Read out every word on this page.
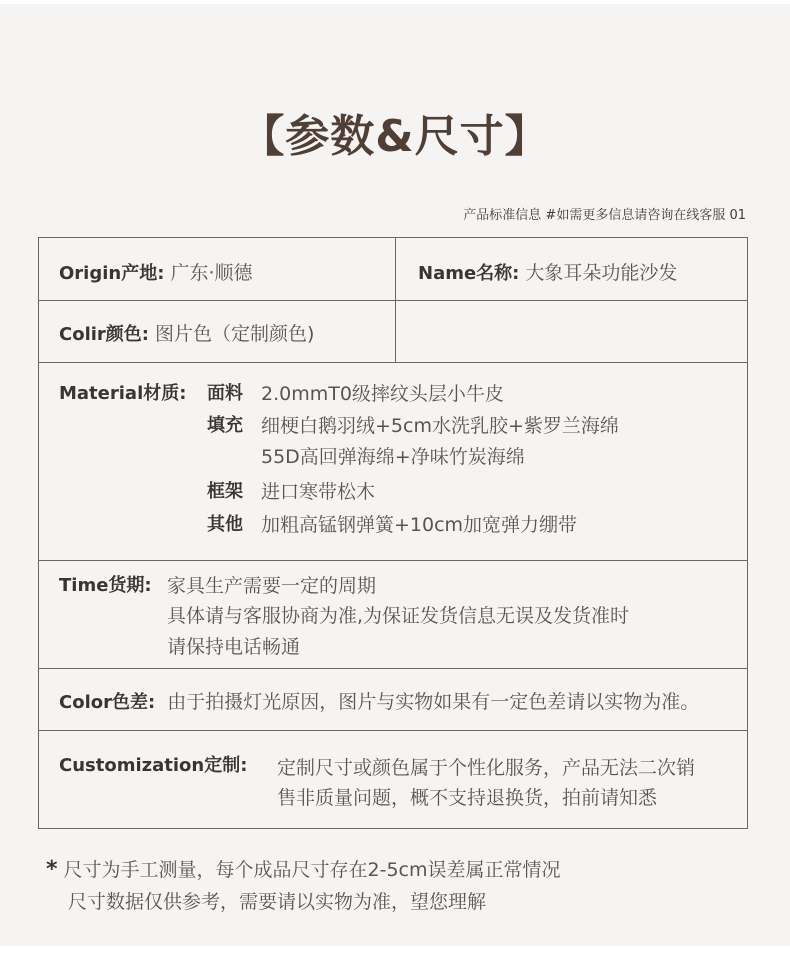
【参数&尺寸】
产品标准信息 #如需更多信息请咨询在线客服 01
Origin产地: 广东·顺德	Name名称: 大象耳朵功能沙发
Colir颜色: 图片色（定制颜色)
Material材质: 面料 2.0mmT0级摔纹头层小牛皮
填充 细梗白鹅羽绒+5cm水洗乳胶+紫罗兰海绵
55D高回弹海绵+净味竹炭海绵
框架 进口寒带松木
其他 加粗高锰钢弹簧+10cm加宽弹力绷带
Time货期: 家具生产需要一定的周期
具体请与客服协商为准,为保证发货信息无误及发货准时
请保持电话畅通
Color色差: 由于拍摄灯光原因，图片与实物如果有一定色差请以实物为准。
Customization定制: 定制尺寸或颜色属于个性化服务，产品无法二次销
售非质量问题，概不支持退换货，拍前请知悉
* 尺寸为手工测量，每个成品尺寸存在2-5cm误差属正常情况
尺寸数据仅供参考，需要请以实物为准，望您理解
